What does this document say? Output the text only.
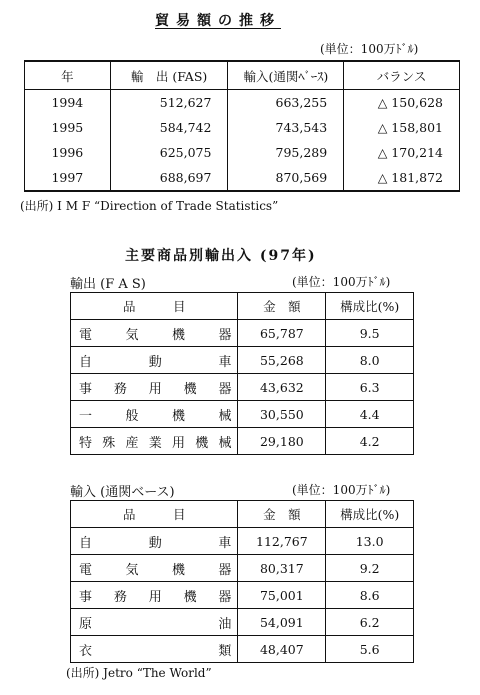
貿易額の推移
(単位：100万ﾄﾞﾙ)
年	輸　出 (FAS)	輸入(通関ﾍﾞｰｽ)	バランス
1994	512,627	663,255	△ 150,628
1995	584,742	743,543	△ 158,801
1996	625,075	795,289	△ 170,214
1997	688,697	870,569	△ 181,872
(出所) I M F “Direction of Trade Statistics”
主要商品別輸出入 (97年)
輸出 (F A S)	(単位：100万ﾄﾞﾙ)
品　　　目	金　額	構成比(%)
電気機器	65,787	9.5
自動車	55,268	8.0
事務用機器	43,632	6.3
一般機械	30,550	4.4
特殊産業用機械	29,180	4.2
輸入 (通関ベース)	(単位：100万ﾄﾞﾙ)
品　　　目	金　額	構成比(%)
自動車	112,767	13.0
電気機器	80,317	9.2
事務用機器	75,001	8.6
原油	54,091	6.2
衣類	48,407	5.6
(出所) Jetro “The World”
